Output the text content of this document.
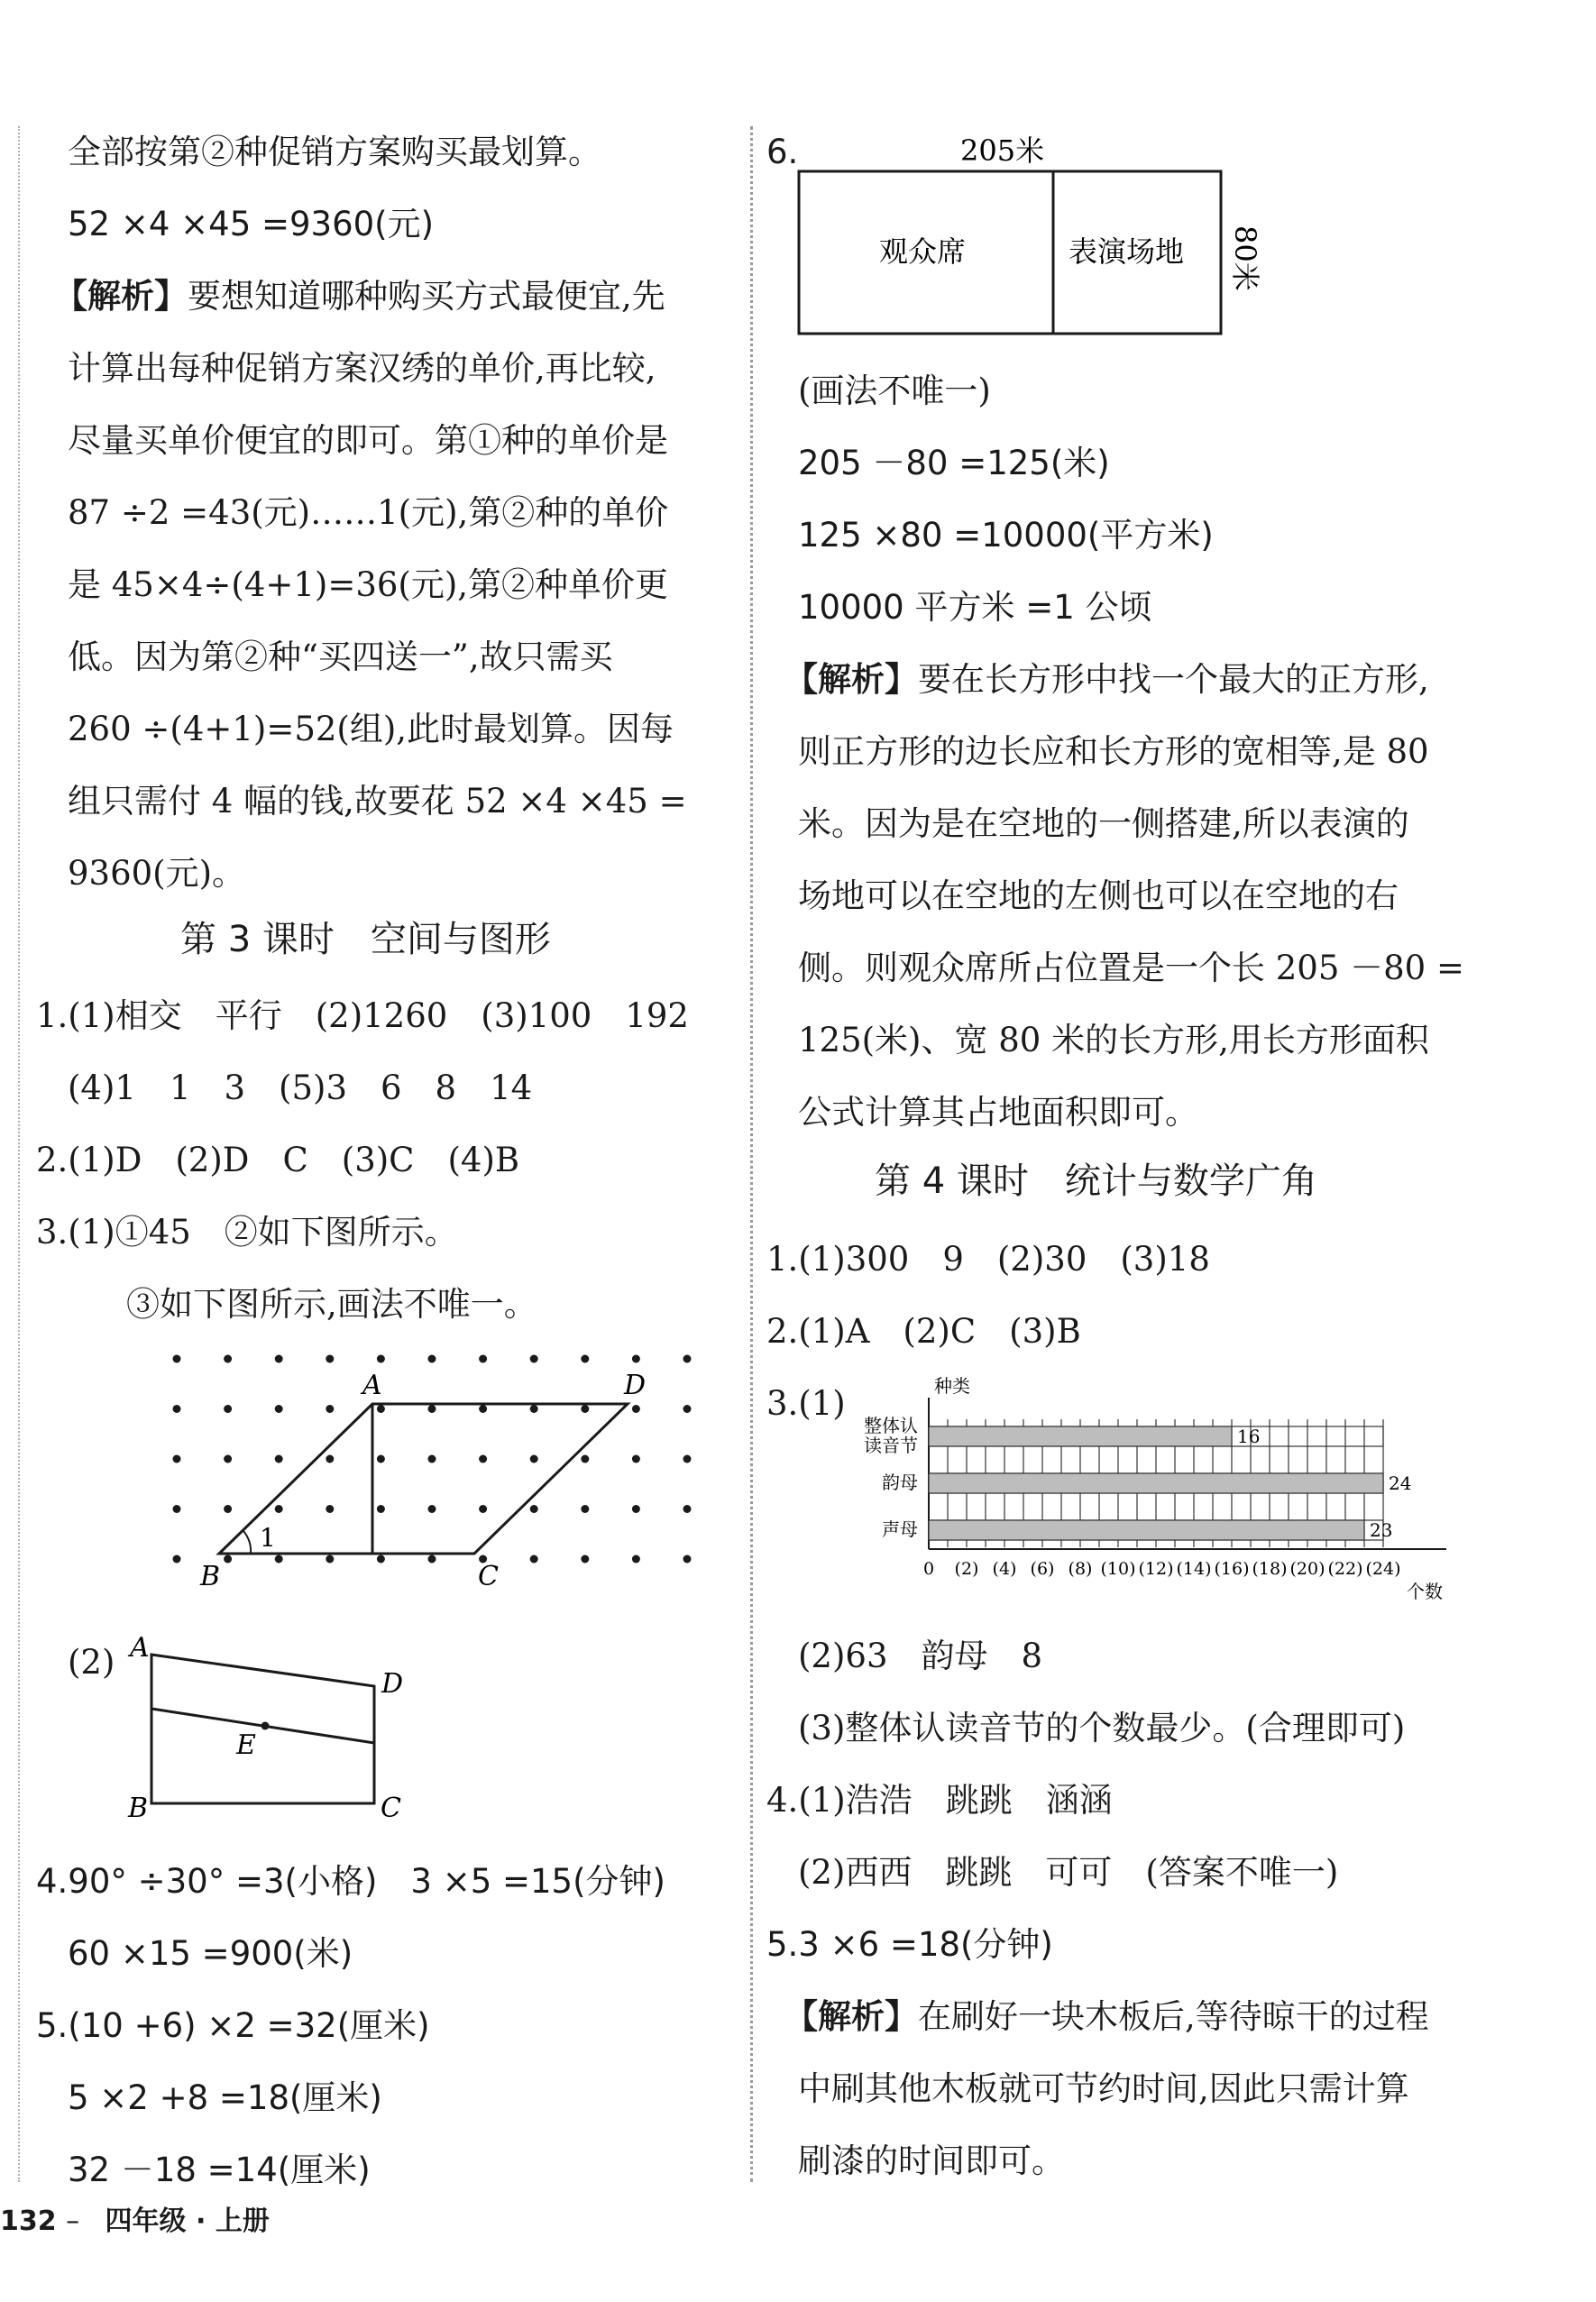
全部按第②种促销方案购买最划算。
52 ×4 ×45 =9360(元)
【解析】要想知道哪种购买方式最便宜,先
计算出每种促销方案汉绣的单价,再比较,
尽量买单价便宜的即可。第①种的单价是
87 ÷2 =43(元)……1(元),第②种的单价
是 45×4÷(4+1)=36(元),第②种单价更
低。因为第②种“买四送一”,故只需买
260 ÷(4+1)=52(组),此时最划算。因每
组只需付 4 幅的钱,故要花 52 ×4 ×45 =
9360(元)。
第 3 课时　空间与图形
1.(1)相交　平行　(2)1260　(3)100　192
(4)1　1　3　(5)3　6　8　14
2.(1)D　(2)D　C　(3)C　(4)B
3.(1)①45　②如下图所示。
③如下图所示,画法不唯一。
A	D
B	C
1
(2) A
D
E
B	C
4.90° ÷30° =3(小格)　3 ×5 =15(分钟)
60 ×15 =900(米)
5.(10 +6) ×2 =32(厘米)
5 ×2 +8 =18(厘米)
32 －18 =14(厘米)
6.	205米
观众席	表演场地 80米
(画法不唯一)
205 －80 =125(米)
125 ×80 =10000(平方米)
10000 平方米 =1 公顷
【解析】要在长方形中找一个最大的正方形,
则正方形的边长应和长方形的宽相等,是 80
米。因为是在空地的一侧搭建,所以表演的
场地可以在空地的左侧也可以在空地的右
侧。则观众席所占位置是一个长 205 －80 =
125(米)、宽 80 米的长方形,用长方形面积
公式计算其占地面积即可。
第 4 课时　统计与数学广角
1.(1)300　9　(2)30　(3)18
2.(1)A　(2)C　(3)B
3.(1)
16
整体认
读音节
24
韵母
23
声母
0 (2) (4) (6) (8) (10) (12) (14) (16) (18) (20) (22) (24)
种类
个数
(2)63　韵母　8
(3)整体认读音节的个数最少。(合理即可)
4.(1)浩浩　跳跳　涵涵
(2)西西　跳跳　可可　(答案不唯一)
5.3 ×6 =18(分钟)
【解析】在刷好一块木板后,等待晾干的过程
中刷其他木板就可节约时间,因此只需计算
刷漆的时间即可。
132 – 四年级 · 上册
